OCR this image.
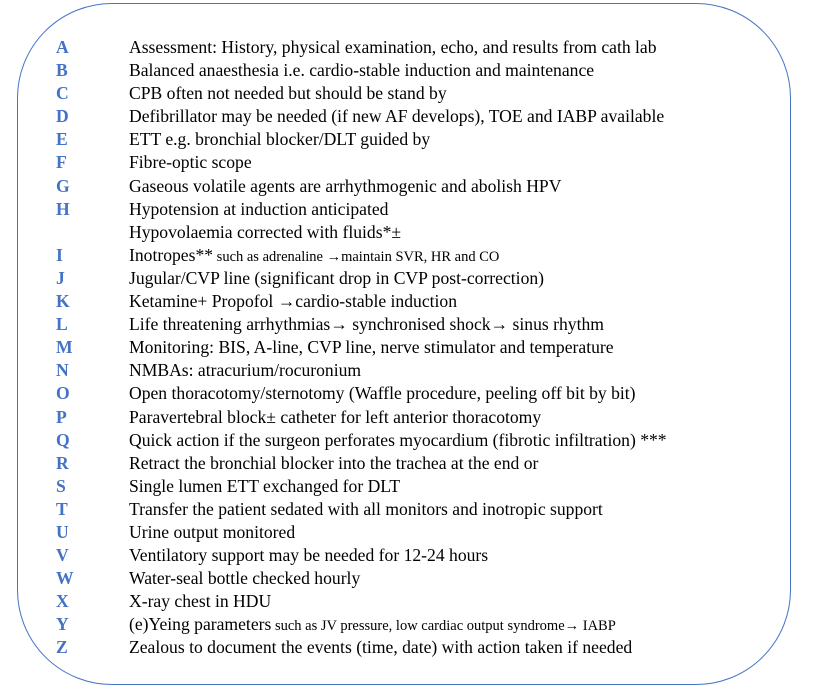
A	Assessment: History, physical examination, echo, and results from cath lab
B	Balanced anaesthesia i.e. cardio-stable induction and maintenance
C	CPB often not needed but should be stand by
D	Defibrillator may be needed (if new AF develops), TOE and IABP available
E	ETT e.g. bronchial blocker/DLT guided by
F	Fibre-optic scope
G	Gaseous volatile agents are arrhythmogenic and abolish HPV
H	Hypotension at induction anticipated
Hypovolaemia corrected with fluids*±
I	Inotropes** such as adrenaline →maintain SVR, HR and CO
J	Jugular/CVP line (significant drop in CVP post-correction)
K	Ketamine+ Propofol →cardio-stable induction
L	Life threatening arrhythmias→ synchronised shock→ sinus rhythm
M	Monitoring: BIS, A-line, CVP line, nerve stimulator and temperature
N	NMBAs: atracurium/rocuronium
O	Open thoracotomy/sternotomy (Waffle procedure, peeling off bit by bit)
P	Paravertebral block± catheter for left anterior thoracotomy
Q	Quick action if the surgeon perforates myocardium (fibrotic infiltration) ***
R	Retract the bronchial blocker into the trachea at the end or
S	Single lumen ETT exchanged for DLT
T	Transfer the patient sedated with all monitors and inotropic support
U	Urine output monitored
V	Ventilatory support may be needed for 12-24 hours
W	Water-seal bottle checked hourly
X	X-ray chest in HDU
Y	(e)Yeing parameters such as JV pressure, low cardiac output syndrome→ IABP
Z	Zealous to document the events (time, date) with action taken if needed
